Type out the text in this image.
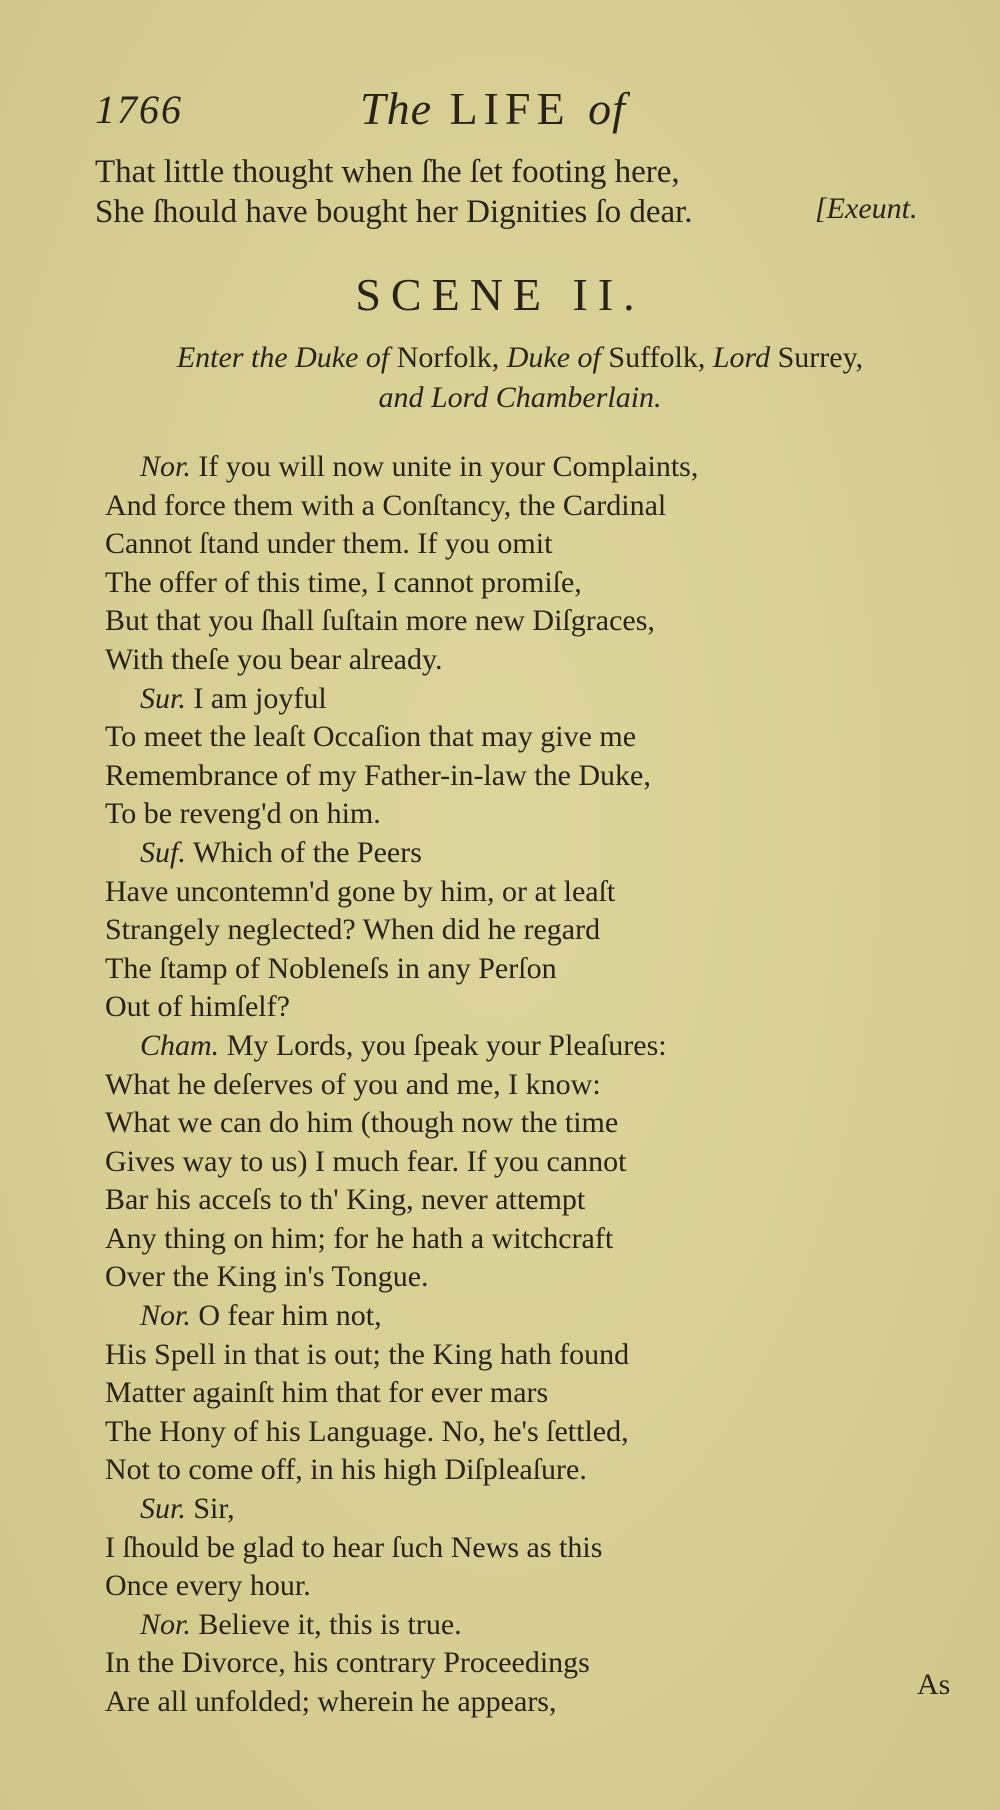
1766	The LIFE of
That little thought when ſhe ſet footing here,
She ſhould have bought her Dignities ſo dear.	[Exeunt.
SCENE II.
Enter the Duke of Norfolk, Duke of Suffolk, Lord Surrey,
and Lord Chamberlain.
Nor. If you will now unite in your Complaints,
And force them with a Conſtancy, the Cardinal
Cannot ſtand under them. If you omit
The offer of this time, I cannot promiſe,
But that you ſhall ſuſtain more new Diſgraces,
With theſe you bear already.
Sur. I am joyful
To meet the leaſt Occaſion that may give me
Remembrance of my Father-in-law the Duke,
To be reveng'd on him.
Suf. Which of the Peers
Have uncontemn'd gone by him, or at leaſt
Strangely neglected? When did he regard
The ſtamp of Nobleneſs in any Perſon
Out of himſelf?
Cham. My Lords, you ſpeak your Pleaſures:
What he deſerves of you and me, I know:
What we can do him (though now the time
Gives way to us) I much fear. If you cannot
Bar his acceſs to th' King, never attempt
Any thing on him; for he hath a witchcraft
Over the King in's Tongue.
Nor. O fear him not,
His Spell in that is out; the King hath found
Matter againſt him that for ever mars
The Hony of his Language. No, he's ſettled,
Not to come off, in his high Diſpleaſure.
Sur. Sir,
I ſhould be glad to hear ſuch News as this
Once every hour.
Nor. Believe it, this is true.
In the Divorce, his contrary Proceedings
Are all unfolded; wherein he appears,
As
